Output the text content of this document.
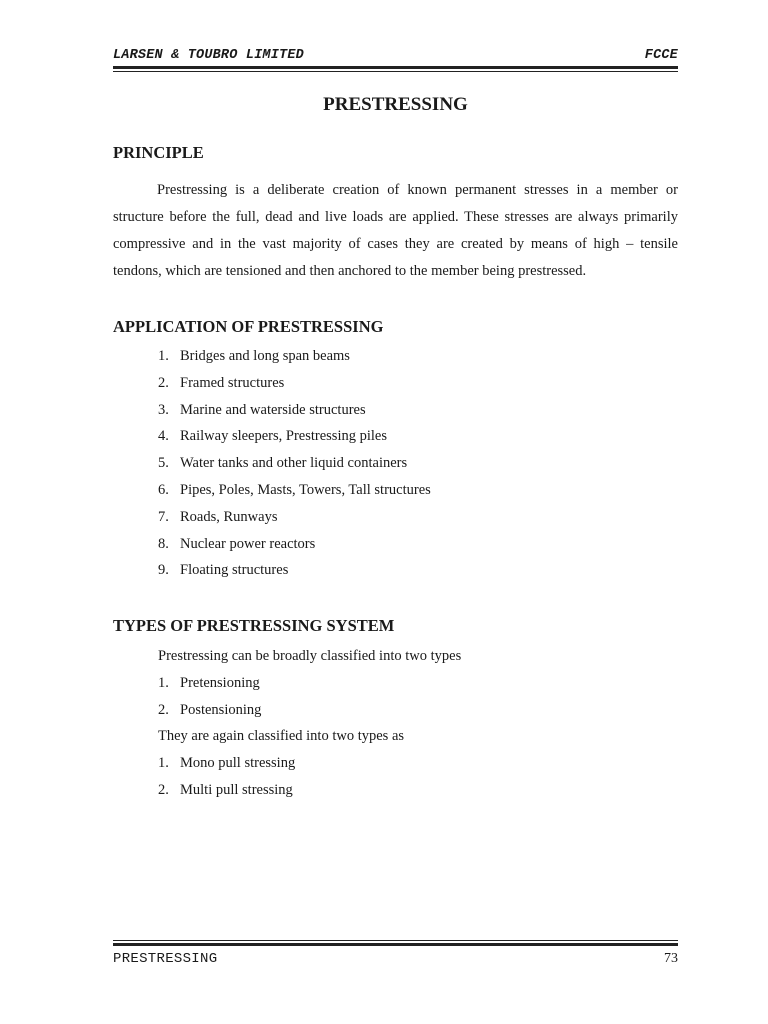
LARSEN & TOUBRO LIMITED	FCCE
PRESTRESSING
PRINCIPLE
Prestressing is a deliberate creation of known permanent stresses in a member or
structure before the full, dead and live loads are applied. These stresses are always primarily
compressive and in the vast majority of cases they are created by means of high – tensile
tendons, which are tensioned and then anchored to the member being prestressed.
APPLICATION OF PRESTRESSING
1. Bridges and long span beams
2. Framed structures
3. Marine and waterside structures
4. Railway sleepers, Prestressing piles
5. Water tanks and other liquid containers
6. Pipes, Poles, Masts, Towers, Tall structures
7. Roads, Runways
8. Nuclear power reactors
9. Floating structures
TYPES OF PRESTRESSING SYSTEM
Prestressing can be broadly classified into two types
1. Pretensioning
2. Postensioning
They are again classified into two types as
1. Mono pull stressing
2. Multi pull stressing
PRESTRESSING	73
